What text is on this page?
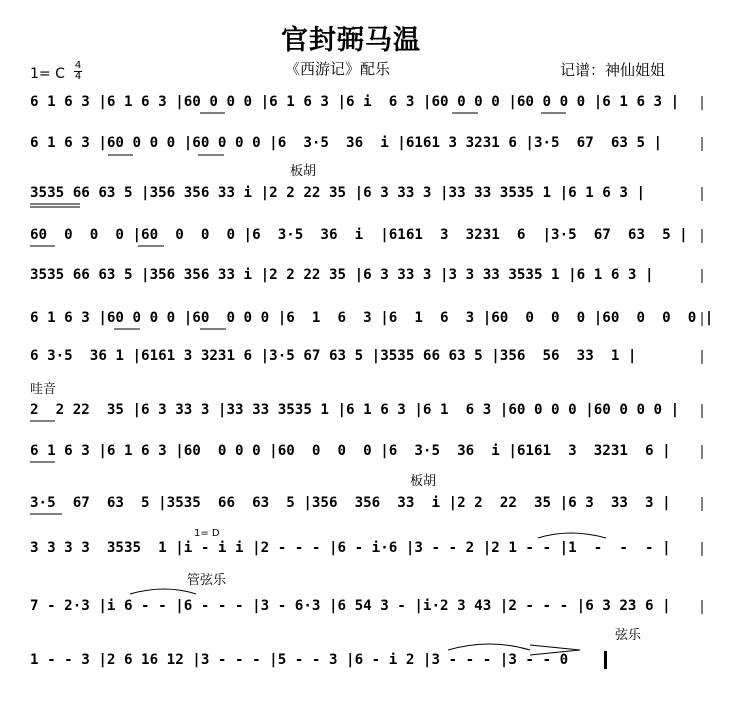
官封弼马温
《西游记》配乐	记谱：神仙姐姐
1= C
4
4
6 1 6 3 |6 1 6 3 |60 0 0 0 |6 1 6 3 |6 i  6 3 |60 0 0 0 |60 0 0 0 |6 1 6 3 |
6 1 6 3 |60 0 0 0 |60 0 0 0 |6  3·5  36  i |6161 3 3231 6 |3·5  67  63 5 |
3535 66 63 5 |356 356 33 i |2 2 22 35 |6 3 33 3 |33 33 3535 1 |6 1 6 3 |
60  0  0  0 |60  0  0  0 |6  3·5  36  i  |6161  3  3231  6  |3·5  67  63  5 |
3535 66 63 5 |356 356 33 i |2 2 22 35 |6 3 33 3 |3 3 33 3535 1 |6 1 6 3 |
6 1 6 3 |60 0 0 0 |60  0 0 0 |6  1  6  3 |6  1  6  3 |60  0  0  0 |60  0  0  0 |
6 3·5  36 1 |6161 3 3231 6 |3·5 67 63 5 |3535 66 63 5 |356  56  33  1 |
2  2 22  35 |6 3 33 3 |33 33 3535 1 |6 1 6 3 |6 1  6 3 |60 0 0 0 |60 0 0 0 |
6 1 6 3 |6 1 6 3 |60  0 0 0 |60  0  0  0 |6  3·5  36  i |6161  3  3231  6 |
3·5  67  63  5 |3535  66  63  5 |356  356  33  i |2 2  22  35 |6 3  33  3 |
3 3 3 3  3535  1 |i - i i |2 - - - |6 - i·6 |3 - - 2 |2 1 - - |1  -  -  - |
7 - 2·3 |i 6 - - |6 - - - |3 - 6·3 |6 54 3 - |i·2 3 43 |2 - - - |6 3 23 6 |
1 - - 3 |2 6 16 12 |3 - - - |5 - - 3 |6 - i 2 |3 - - - |3 - - 0
板胡
哇音
板胡
1= D
管弦乐
弦乐
